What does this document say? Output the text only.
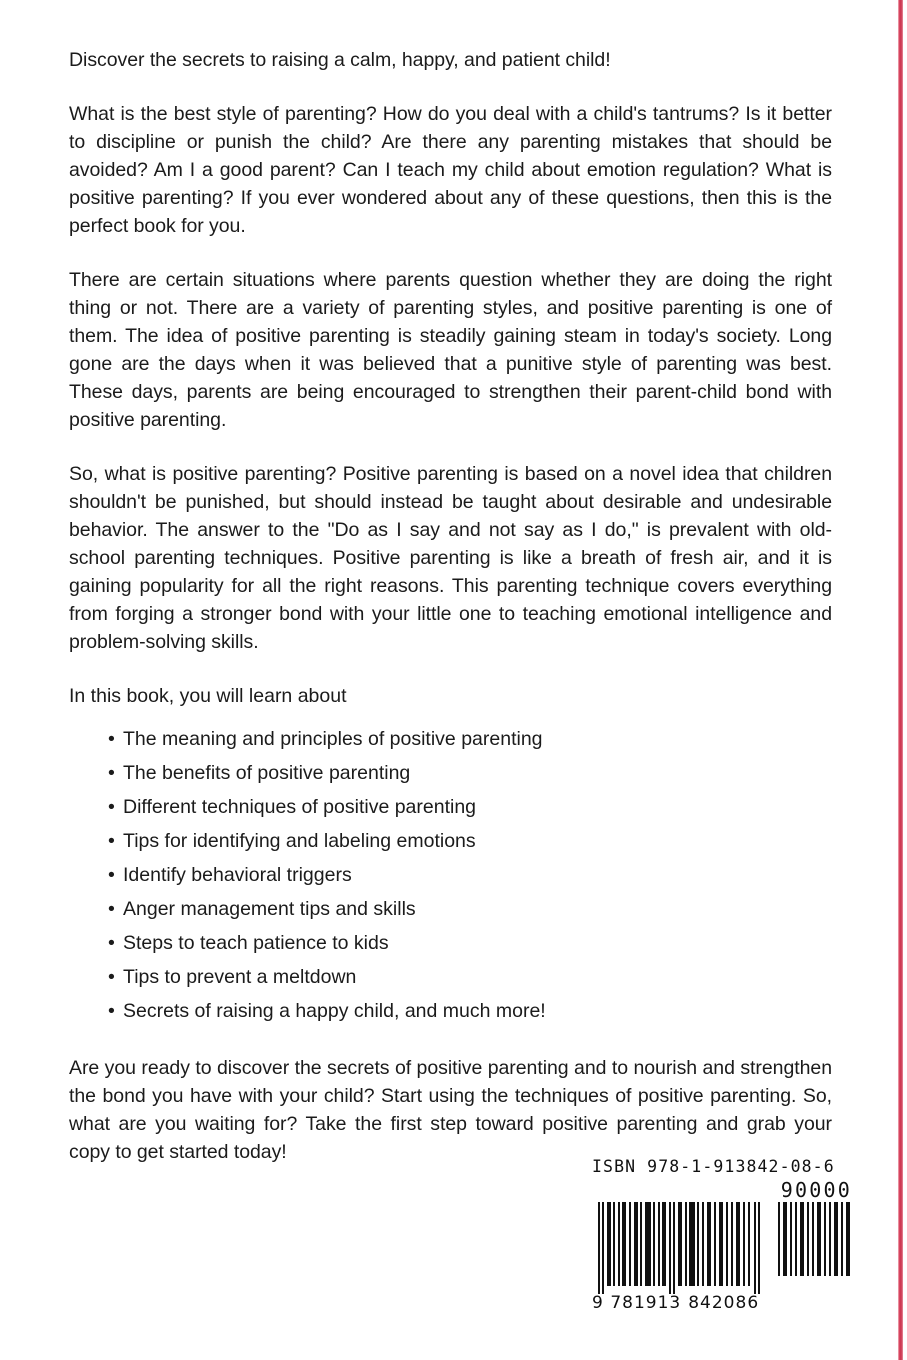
Discover the secrets to raising a calm, happy, and patient child!

What is the best style of parenting? How do you deal with a child's tantrums? Is it better to discipline or punish the child? Are there any parenting mistakes that should be avoided? Am I a good parent? Can I teach my child about emotion regulation? What is positive parenting? If you ever wondered about any of these questions, then this is the perfect book for you.

There are certain situations where parents question whether they are doing the right thing or not. There are a variety of parenting styles, and positive parenting is one of them. The idea of positive parenting is steadily gaining steam in today's society. Long gone are the days when it was believed that a punitive style of parenting was best. These days, parents are being encouraged to strengthen their parent-child bond with positive parenting.

So, what is positive parenting? Positive parenting is based on a novel idea that children shouldn't be punished, but should instead be taught about desirable and undesirable behavior. The answer to the "Do as I say and not say as I do," is prevalent with old-school parenting techniques. Positive parenting is like a breath of fresh air, and it is gaining popularity for all the right reasons. This parenting technique covers everything from forging a stronger bond with your little one to teaching emotional intelligence and problem-solving skills.

In this book, you will learn about

• The meaning and principles of positive parenting
• The benefits of positive parenting
• Different techniques of positive parenting
• Tips for identifying and labeling emotions
• Identify behavioral triggers
• Anger management tips and skills
• Steps to teach patience to kids
• Tips to prevent a meltdown
• Secrets of raising a happy child, and much more!

Are you ready to discover the secrets of positive parenting and to nourish and strengthen the bond you have with your child? Start using the techniques of positive parenting. So, what are you waiting for? Take the first step toward positive parenting and grab your copy to get started today!

ISBN 978-1-913842-08-6
9 781913 842086
90000
